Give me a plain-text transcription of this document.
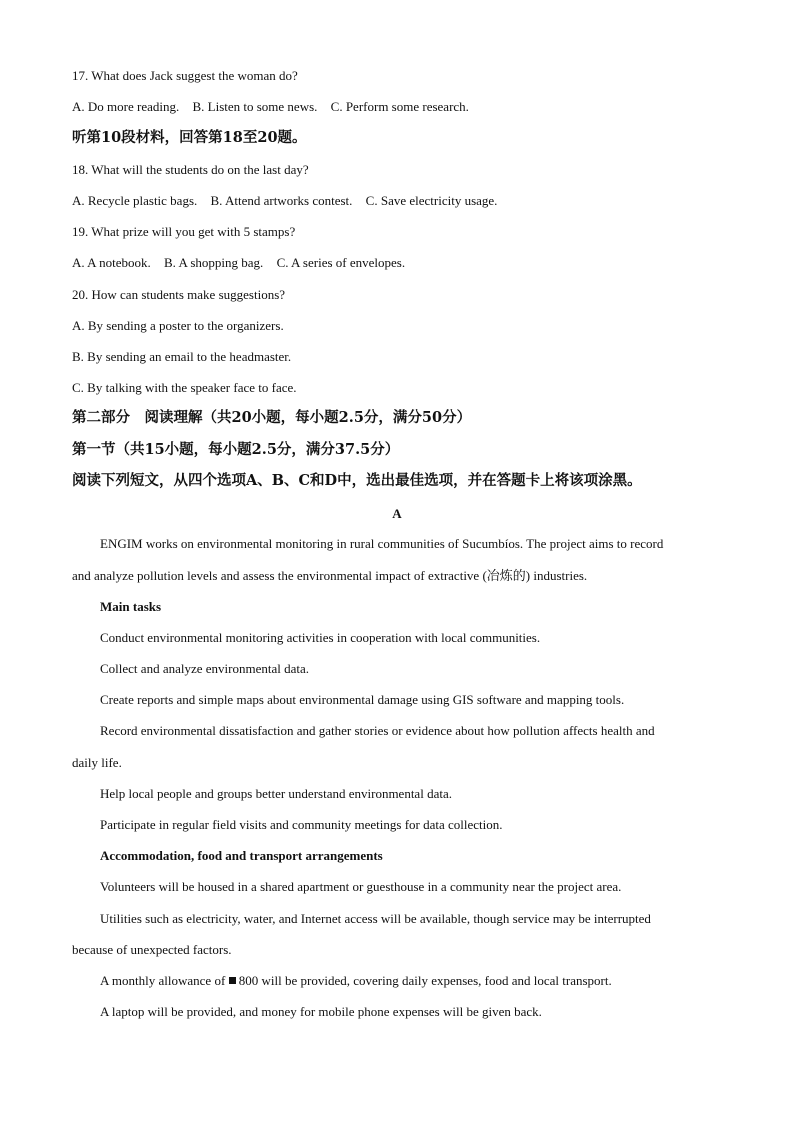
17. What does Jack suggest the woman do?
A. Do more reading. B. Listen to some news. C. Perform some research.
听第10段材料，回答第18至20题。
18. What will the students do on the last day?
A. Recycle plastic bags. B. Attend artworks contest. C. Save electricity usage.
19. What prize will you get with 5 stamps?
A. A notebook. B. A shopping bag. C. A series of envelopes.
20. How can students make suggestions?
A. By sending a poster to the organizers.
B. By sending an email to the headmaster.
C. By talking with the speaker face to face.
第二部分　阅读理解（共20小题，每小题2.5分，满分50分）
第一节（共15小题，每小题2.5分，满分37.5分）
阅读下列短文，从四个选项A、B、C和D中，选出最佳选项，并在答题卡上将该项涂黑。
A
ENGIM works on environmental monitoring in rural communities of Sucumbíos. The project aims to record
and analyze pollution levels and assess the environmental impact of extractive (冶炼的) industries.
Main tasks
Conduct environmental monitoring activities in cooperation with local communities.
Collect and analyze environmental data.
Create reports and simple maps about environmental damage using GIS software and mapping tools.
Record environmental dissatisfaction and gather stories or evidence about how pollution affects health and
daily life.
Help local people and groups better understand environmental data.
Participate in regular field visits and community meetings for data collection.
Accommodation, food and transport arrangements
Volunteers will be housed in a shared apartment or guesthouse in a community near the project area.
Utilities such as electricity, water, and Internet access will be available, though service may be interrupted
because of unexpected factors.
A monthly allowance of 800 will be provided, covering daily expenses, food and local transport.
A laptop will be provided, and money for mobile phone expenses will be given back.
